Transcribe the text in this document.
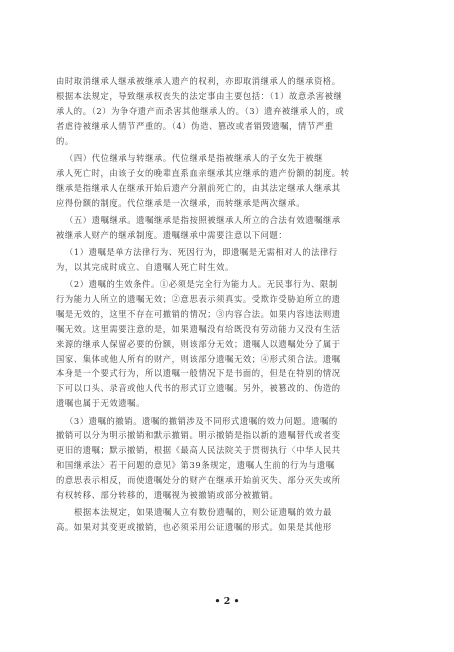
由时取消继承人继承被继承人遗产的权利，亦即取消继承人的继承资格。
根据本法规定，导致继承权丧失的法定事由主要包括：（1）故意杀害被继
承人的。（2）为争夺遗产而杀害其他继承人的。（3）遗弃被继承人的，或
者虐待被继承人情节严重的。（4）伪造、篡改或者销毁遗嘱，情节严重
的。
（四）代位继承与转继承。代位继承是指被继承人的子女先于被继
承人死亡时，由该子女的晚辈直系血亲继承其应继承的遗产份额的制度。转
继承是指继承人在继承开始后遗产分割前死亡的，由其法定继承人继承其
应得份额的制度。代位继承是一次继承，而转继承是两次继承。
（五）遗嘱继承。遗嘱继承是指按照被继承人所立的合法有效遗嘱继承
被继承人财产的继承制度。遗嘱继承中需要注意以下问题：
（1）遗嘱是单方法律行为、死因行为，即遗嘱是无需相对人的法律行
为，以其完成时成立、自遗嘱人死亡时生效。
（2）遗嘱的生效条件。①必须是完全行为能力人。无民事行为、限制
行为能力人所立的遗嘱无效；②意思表示须真实。受欺诈受胁迫所立的遗
嘱是无效的，这里不存在可撤销的情况；③内容合法。如果内容违法则遗
嘱无效。这里需要注意的是，如果遗嘱没有给既没有劳动能力又没有生活
来源的继承人保留必要的份额，则该部分无效；遗嘱人以遗嘱处分了属于
国家、集体或他人所有的财产，则该部分遗嘱无效；④形式须合法。遗嘱
本身是一个要式行为，所以遗嘱一般情况下是书面的，但是在特别的情况
下可以口头、录音或他人代书的形式订立遗嘱。另外，被篡改的、伪造的
遗嘱也属于无效遗嘱。
（3）遗嘱的撤销。遗嘱的撤销涉及不同形式遗嘱的效力问题。遗嘱的
撤销可以分为明示撤销和默示撤销。明示撤销是指以新的遗嘱替代或者变
更旧的遗嘱；默示撤销，根据《最高人民法院关于贯彻执行〈中华人民共
和国继承法〉若干问题的意见》第39条规定，遗嘱人生前的行为与遗嘱
的意思表示相反，而使遗嘱处分的财产在继承开始前灭失、部分灭失或所
有权转移、部分转移的，遗嘱视为被撤销或部分被撤销。
根据本法规定，如果遗嘱人立有数份遗嘱的，则公证遗嘱的效力最
高。如果对其变更或撤销，也必须采用公证遗嘱的形式。如果是其他形
• 2 •
